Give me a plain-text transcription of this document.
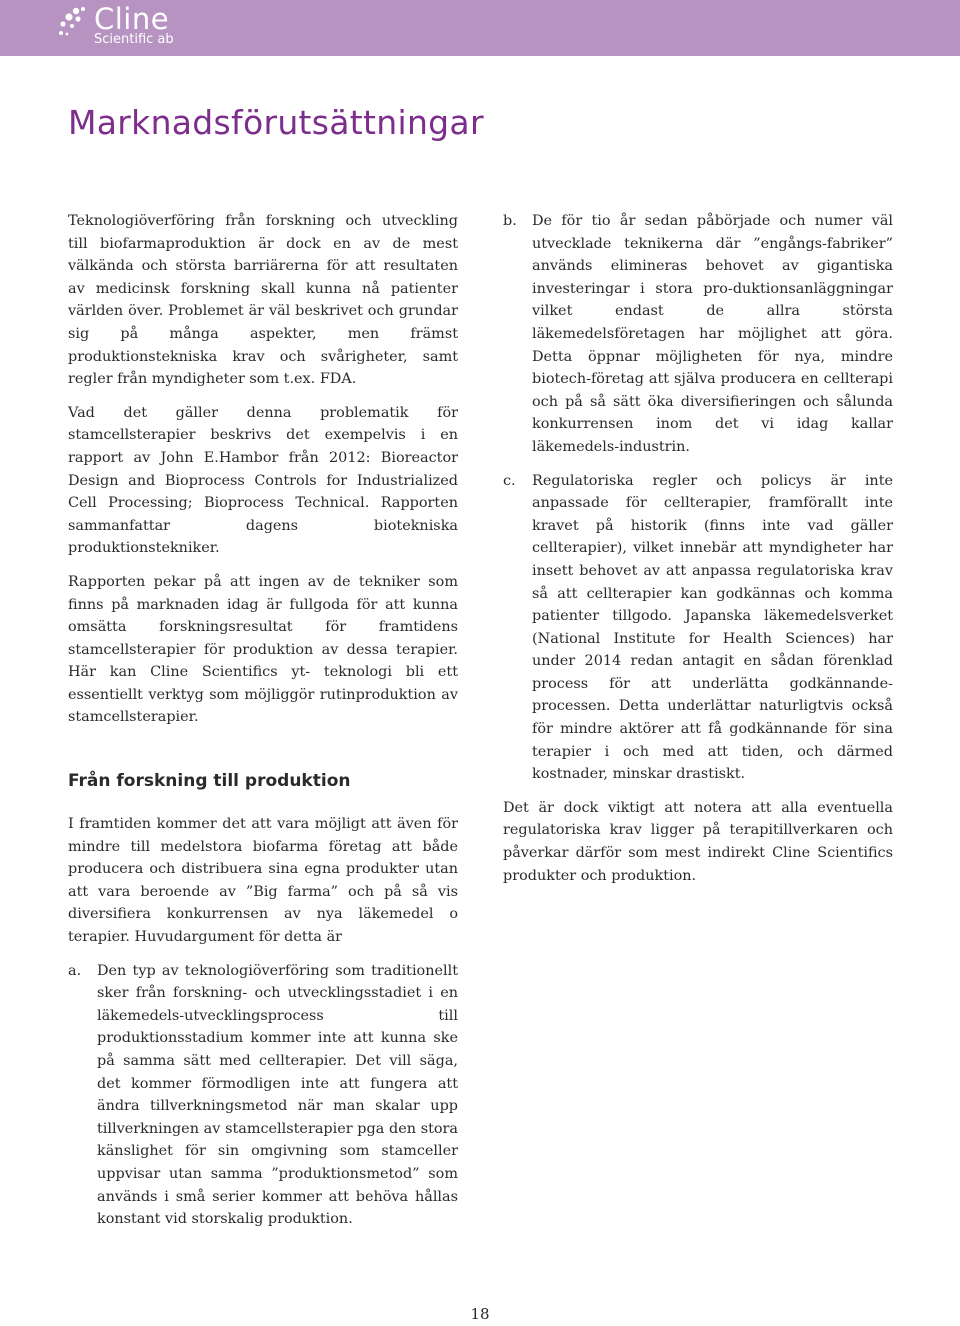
Cline
Scientific ab
Marknadsförutsättningar

Teknologiöverföring från forskning och utveckling till biofarmaproduktion är dock en av de mest välkända och största barriärerna för att resultaten av medicinsk forskning skall kunna nå patienter världen över. Problemet är väl beskrivet och grundar sig på många aspekter, men främst produktionstekniska krav och svårigheter, samt regler från myndigheter som t.ex. FDA.

Vad det gäller denna problematik för stamcellsterapier beskrivs det exempelvis i en rapport av John E.Hambor från 2012: Bioreactor Design and Bioprocess Controls for Industrialized Cell Processing; Bioprocess Technical. Rapporten sammanfattar dagens biotekniska produktionstekniker.

Rapporten pekar på att ingen av de tekniker som finns på marknaden idag är fullgoda för att kunna omsätta forskningsresultat för framtidens stamcellsterapier för produktion av dessa terapier. Här kan Cline Scientifics yt- teknologi bli ett essentiellt verktyg som möjliggör rutinproduktion av stamcellsterapier.

Från forskning till produktion

I framtiden kommer det att vara möjligt att även för mindre till medelstora biofarma företag att både producera och distribuera sina egna produkter utan att vara beroende av ”Big farma” och på så vis diversifiera konkurrensen av nya läkemedel o terapier. Huvudargument för detta är

a.	Den typ av teknologiöverföring som traditionellt sker från forskning- och utvecklingsstadiet i en läkemedels-utvecklingsprocess till produktionsstadium kommer inte att kunna ske på samma sätt med cellterapier. Det vill säga, det kommer förmodligen inte att fungera att ändra tillverkningsmetod när man skalar upp tillverkningen av stamcellsterapier pga den stora känslighet för sin omgivning som stamceller uppvisar utan samma ”produktionsmetod” som används i små serier kommer att behöva hållas konstant vid storskalig produktion.
b.	De för tio år sedan påbörjade och numer väl utvecklade teknikerna där ”engångs-fabriker” används elimineras behovet av gigantiska investeringar i stora pro-duktionsanläggningar vilket endast de allra största läkemedelsföretagen har möjlighet att göra. Detta öppnar möjligheten för nya, mindre biotech-företag att själva producera en cellterapi och på så sätt öka diversifieringen och sålunda konkurrensen inom det vi idag kallar läkemedels-industrin.
c.	Regulatoriska regler och policys är inte anpassade för cellterapier, framförallt inte kravet på historik (finns inte vad gäller cellterapier), vilket innebär att myndigheter har insett behovet av att anpassa regulatoriska krav så att cellterapier kan godkännas och komma patienter tillgodo. Japanska läkemedelsverket (National Institute for Health Sciences) har under 2014 redan antagit en sådan förenklad process för att underlätta godkännande-processen. Detta underlättar naturligtvis också för mindre aktörer att få godkännande för sina terapier i och med att tiden, och därmed kostnader, minskar drastiskt.

Det är dock viktigt att notera att alla eventuella regulatoriska krav ligger på terapitillverkaren och påverkar därför som mest indirekt Cline Scientifics produkter och produktion.

18
